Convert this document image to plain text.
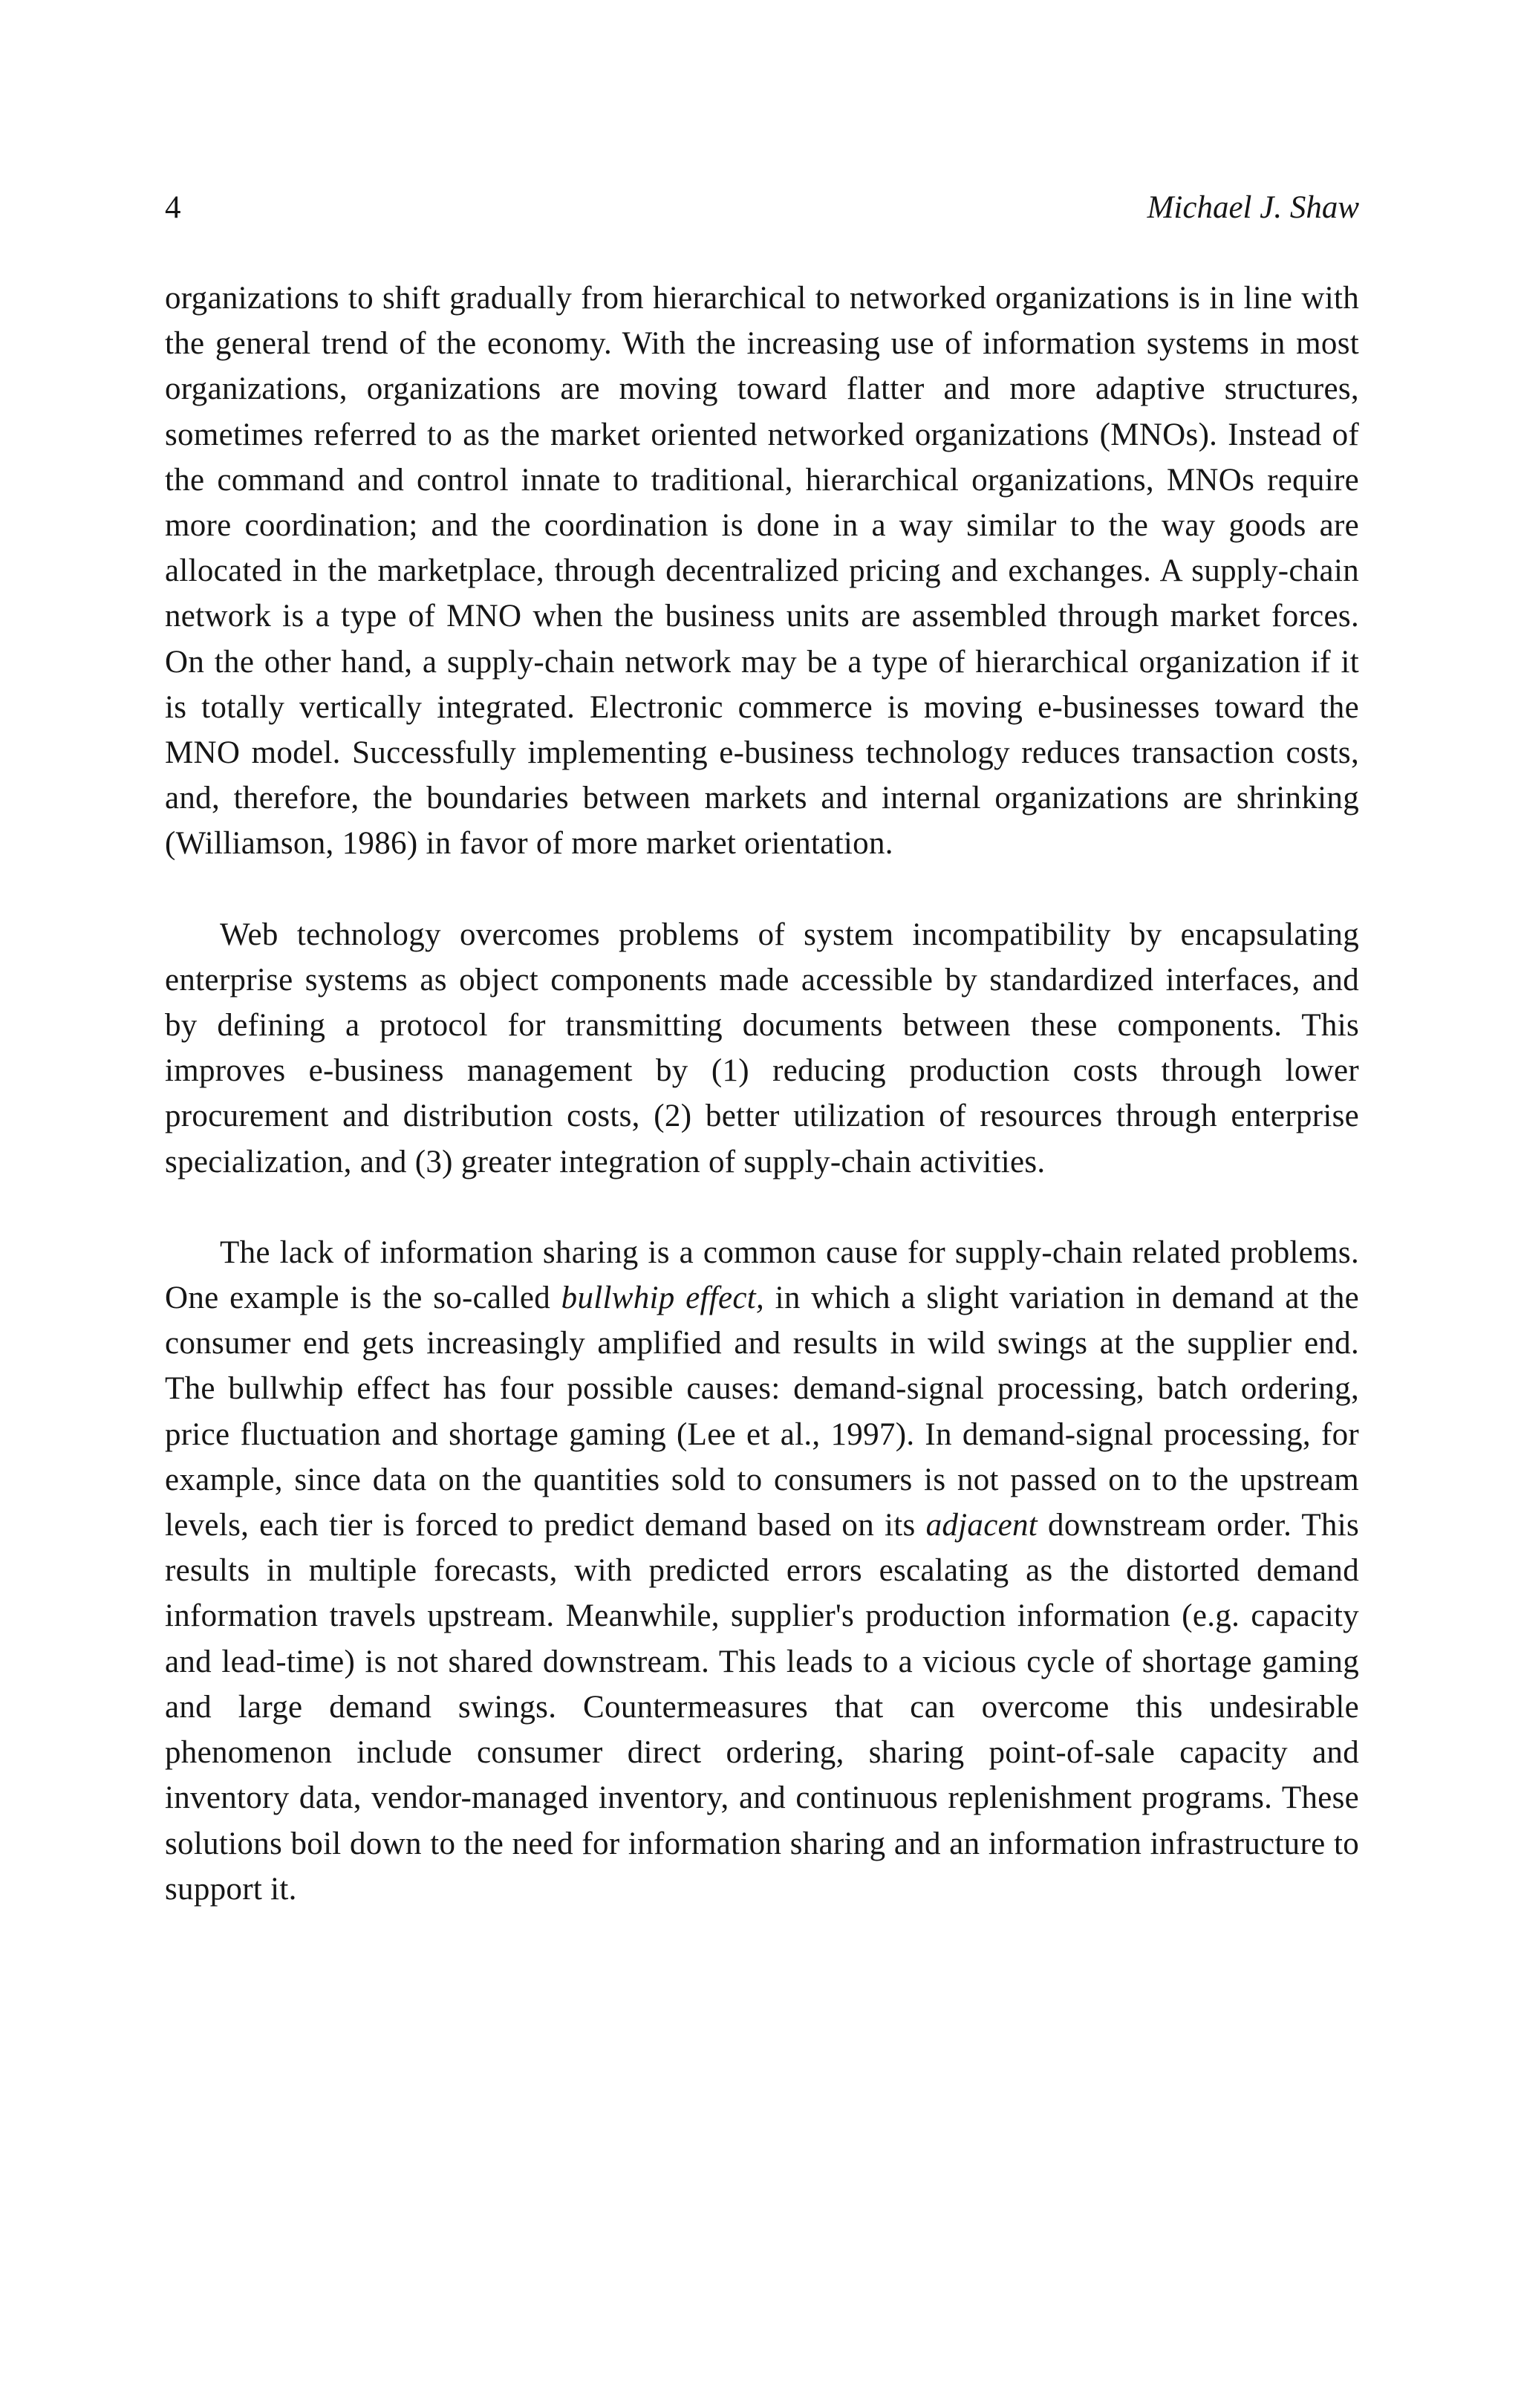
4	Michael J. Shaw

organizations to shift gradually from hierarchical to networked organizations is in line with the general trend of the economy. With the increasing use of information systems in most organizations, organizations are moving toward flatter and more adaptive structures, sometimes referred to as the market oriented networked organizations (MNOs). Instead of the command and control innate to traditional, hierarchical organizations, MNOs require more coordination; and the coordination is done in a way similar to the way goods are allocated in the marketplace, through decentralized pricing and exchanges. A supply-chain network is a type of MNO when the business units are assembled through market forces. On the other hand, a supply-chain network may be a type of hierarchical organization if it is totally vertically integrated. Electronic commerce is moving e-businesses toward the MNO model. Successfully implementing e-business technology reduces transaction costs, and, therefore, the boundaries between markets and internal organizations are shrinking (Williamson, 1986) in favor of more market orientation.

Web technology overcomes problems of system incompatibility by encapsulating enterprise systems as object components made accessible by standardized interfaces, and by defining a protocol for transmitting documents between these components. This improves e-business management by (1) reducing production costs through lower procurement and distribution costs, (2) better utilization of resources through enterprise specialization, and (3) greater integration of supply-chain activities.

The lack of information sharing is a common cause for supply-chain related problems. One example is the so-called bullwhip effect, in which a slight variation in demand at the consumer end gets increasingly amplified and results in wild swings at the supplier end. The bullwhip effect has four possible causes: demand-signal processing, batch ordering, price fluctuation and shortage gaming (Lee et al., 1997). In demand-signal processing, for example, since data on the quantities sold to consumers is not passed on to the upstream levels, each tier is forced to predict demand based on its adjacent downstream order. This results in multiple forecasts, with predicted errors escalating as the distorted demand information travels upstream. Meanwhile, supplier's production information (e.g. capacity and lead-time) is not shared downstream. This leads to a vicious cycle of shortage gaming and large demand swings. Countermeasures that can overcome this undesirable phenomenon include consumer direct ordering, sharing point-of-sale capacity and inventory data, vendor-managed inventory, and continuous replenishment programs. These solutions boil down to the need for information sharing and an information infrastructure to support it.
